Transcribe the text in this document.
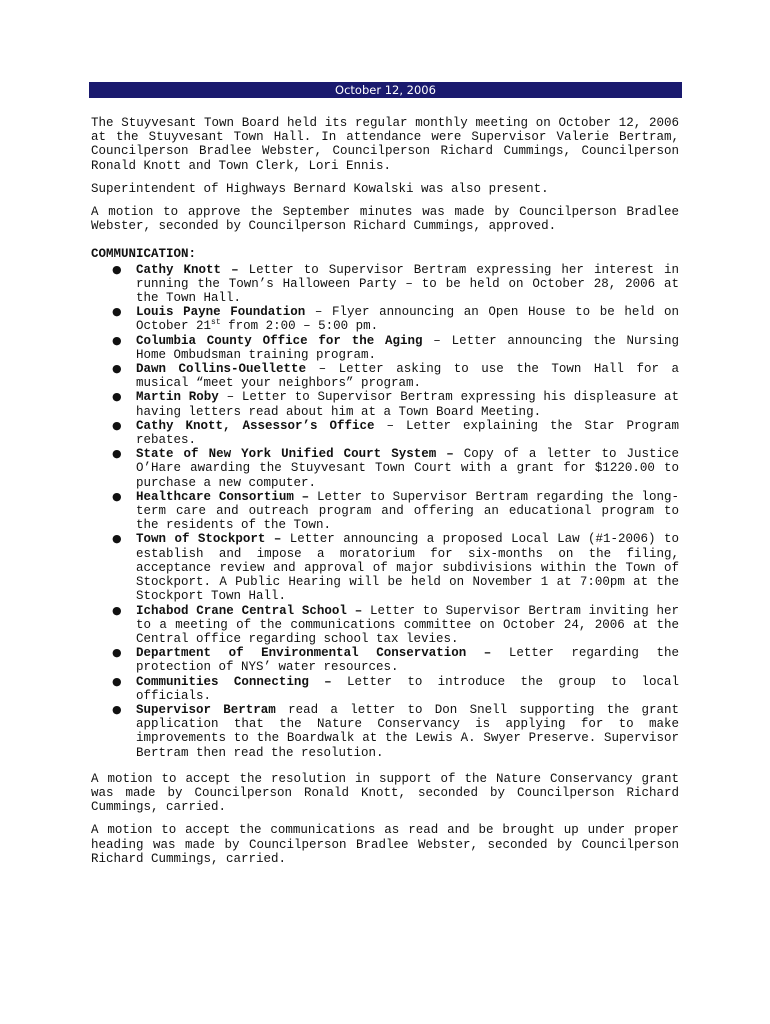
October 12, 2006

The Stuyvesant Town Board held its regular monthly meeting on October 12, 2006 at the Stuyvesant Town Hall. In attendance were Supervisor Valerie Bertram, Councilperson Bradlee Webster, Councilperson Richard Cummings, Councilperson Ronald Knott and Town Clerk, Lori Ennis.

Superintendent of Highways Bernard Kowalski was also present.

A motion to approve the September minutes was made by Councilperson Bradlee Webster, seconded by Councilperson Richard Cummings, approved.

COMMUNICATION:
● Cathy Knott – Letter to Supervisor Bertram expressing her interest in running the Town’s Halloween Party – to be held on October 28, 2006 at the Town Hall.
● Louis Payne Foundation – Flyer announcing an Open House to be held on October 21st from 2:00 – 5:00 pm.
● Columbia County Office for the Aging – Letter announcing the Nursing Home Ombudsman training program.
● Dawn Collins-Ouellette – Letter asking to use the Town Hall for a musical “meet your neighbors” program.
● Martin Roby – Letter to Supervisor Bertram expressing his displeasure at having letters read about him at a Town Board Meeting.
● Cathy Knott, Assessor’s Office – Letter explaining the Star Program rebates.
● State of New York Unified Court System – Copy of a letter to Justice O’Hare awarding the Stuyvesant Town Court with a grant for $1220.00 to purchase a new computer.
● Healthcare Consortium – Letter to Supervisor Bertram regarding the long-term care and outreach program and offering an educational program to the residents of the Town.
● Town of Stockport – Letter announcing a proposed Local Law (#1-2006) to establish and impose a moratorium for six-months on the filing, acceptance review and approval of major subdivisions within the Town of Stockport. A Public Hearing will be held on November 1 at 7:00pm at the Stockport Town Hall.
● Ichabod Crane Central School – Letter to Supervisor Bertram inviting her to a meeting of the communications committee on October 24, 2006 at the Central office regarding school tax levies.
● Department of Environmental Conservation – Letter regarding the protection of NYS’ water resources.
● Communities Connecting – Letter to introduce the group to local officials.
● Supervisor Bertram read a letter to Don Snell supporting the grant application that the Nature Conservancy is applying for to make improvements to the Boardwalk at the Lewis A. Swyer Preserve. Supervisor Bertram then read the resolution.

A motion to accept the resolution in support of the Nature Conservancy grant was made by Councilperson Ronald Knott, seconded by Councilperson Richard Cummings, carried.

A motion to accept the communications as read and be brought up under proper heading was made by Councilperson Bradlee Webster, seconded by Councilperson Richard Cummings, carried.
